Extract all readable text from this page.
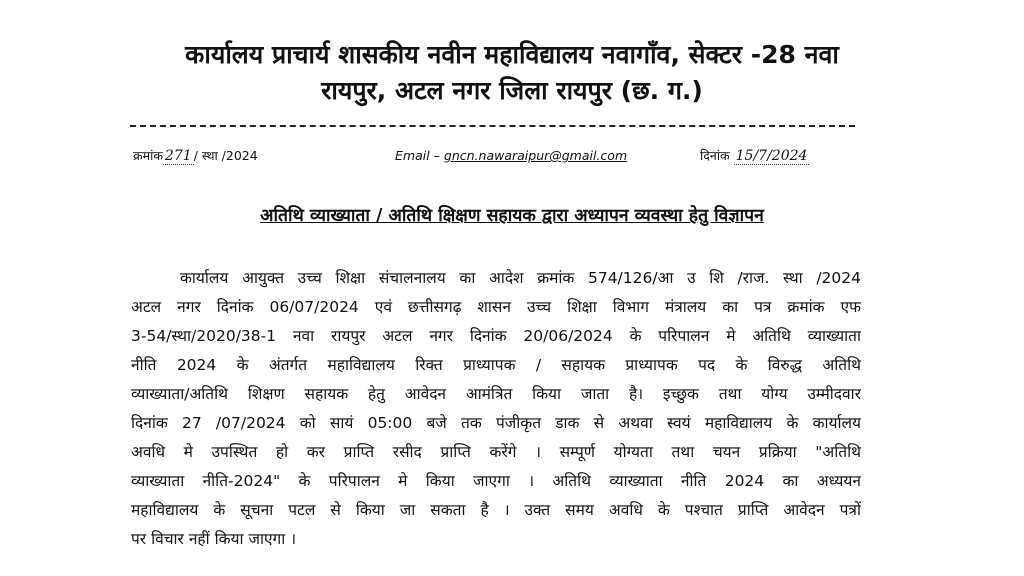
कार्यालय प्राचार्य शासकीय नवीन महाविद्यालय नवागाँव, सेक्टर -28 नवा
रायपुर, अटल नगर जिला रायपुर (छ. ग.)
क्रमांक 271 / स्था /2024	Email – gncn.nawaraipur@gmail.com	दिनांक 15/7/2024
अतिथि व्याख्याता / अतिथि क्षिक्षण सहायक द्वारा अध्यापन व्यवस्था हेतु विज्ञापन
कार्यालय आयुक्त उच्च शिक्षा संचालनालय का आदेश क्रमांक 574/126/आ उ शि /राज. स्था /2024
अटल नगर दिनांक 06/07/2024 एवं छत्तीसगढ़ शासन उच्च शिक्षा विभाग मंत्रालय का पत्र क्रमांक एफ
3-54/स्था/2020/38-1 नवा रायपुर अटल नगर दिनांक 20/06/2024 के परिपालन मे अतिथि व्याख्याता
नीति 2024 के अंतर्गत महाविद्यालय रिक्त प्राध्यापक / सहायक प्राध्यापक पद के विरुद्ध अतिथि
व्याख्याता/अतिथि शिक्षण सहायक हेतु आवेदन आमंत्रित किया जाता है। इच्छुक तथा योग्य उम्मीदवार
दिनांक 27 /07/2024 को सायं 05:00 बजे तक पंजीकृत डाक से अथवा स्वयं महाविद्यालय के कार्यालय
अवधि मे उपस्थित हो कर प्राप्ति रसीद प्राप्ति करेंगे । सम्पूर्ण योग्यता तथा चयन प्रक्रिया "अतिथि
व्याख्याता नीति-2024" के परिपालन मे किया जाएगा । अतिथि व्याख्याता नीति 2024 का अध्ययन
महाविद्यालय के सूचना पटल से किया जा सकता है । उक्त समय अवधि के पश्चात प्राप्ति आवेदन पत्रों
पर विचार नहीं किया जाएगा ।
